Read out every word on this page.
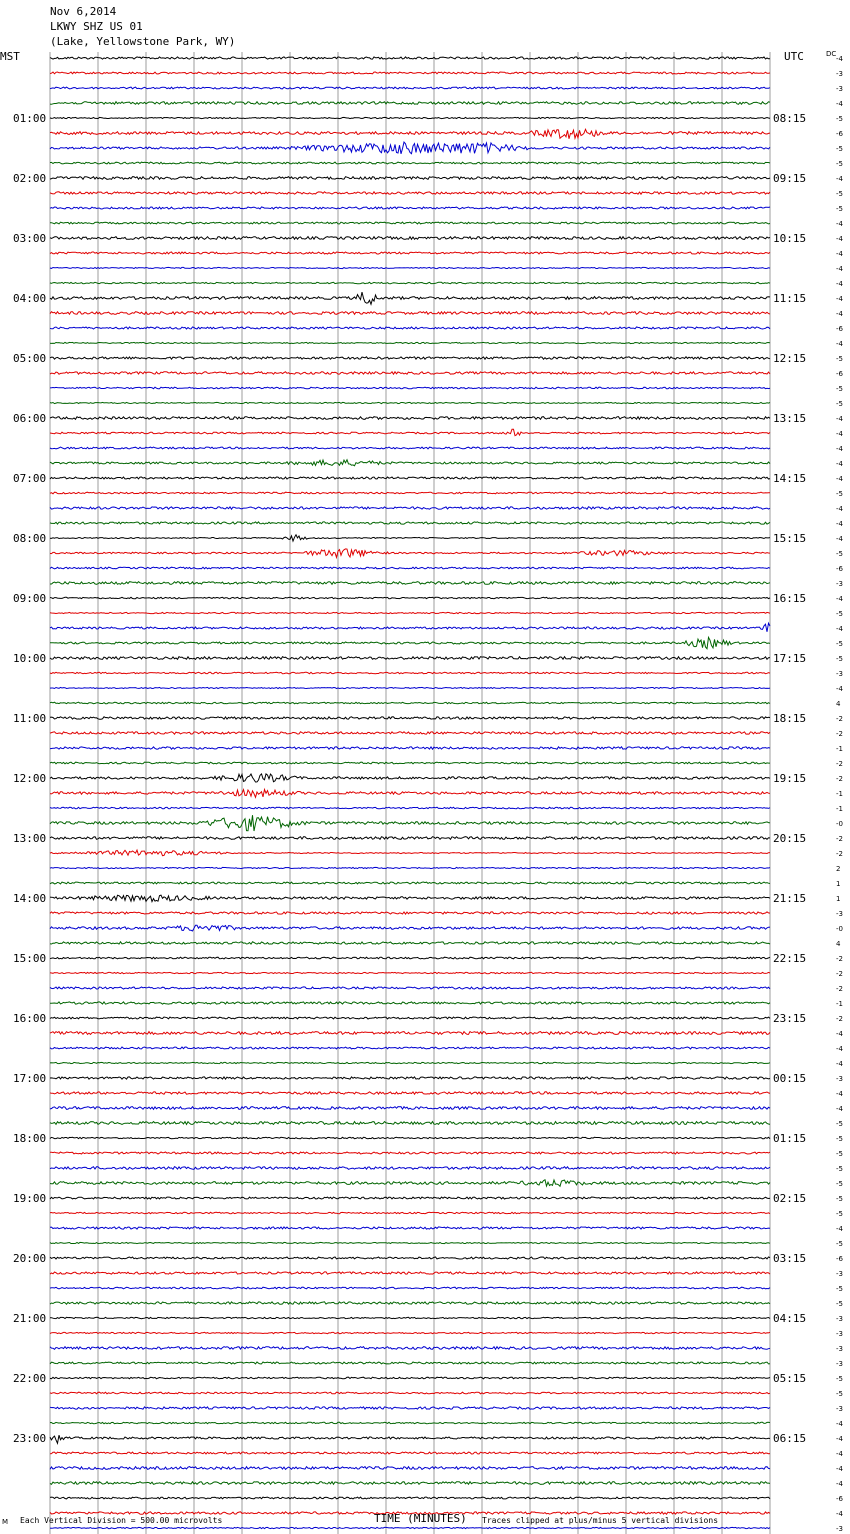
Nov 6,2014
LKWY SHZ US 01
(Lake, Yellowstone Park, WY)
-4
-3
-3
-4
-5
-6
-5
-5
-4
-5
-5
-4
-4
-4
-4
-4
-4
-4
-6
-4
-5
-6
-5
-5
-4
-4
-4
-4
-4
-5
-4
-4
-4
-5
-6
-3
-4
-5
-4
-5
-5
-3
-4
4
-2
-2
-1
-2
-2
-1
-1
-0
-2
-2
2
1
1
-3
-0
4
-2
-2
-2
-1
-2
-4
-4
-4
-3
-4
-4
-5
-5
-5
-5
-5
-5
-5
-4
-5
-6
-3
-5
-5
-3
-3
-3
-3
-5
-5
-3
-4
-4
-4
-4
-4
-6
-4
-3
01:00	08:15
02:00	09:15
03:00	10:15
04:00	11:15
05:00	12:15
06:00	13:15
07:00	14:15
08:00	15:15
09:00	16:15
10:00	17:15
11:00	18:15
12:00	19:15
13:00	20:15
14:00	21:15
15:00	22:15
16:00	23:15
17:00	00:15
18:00	01:15
19:00	02:15
20:00	03:15
21:00	04:15
22:00	05:15
23:00	06:15
MST	UTC	DC
M Each Vertical Division = 500.00 microvolts	TIME (MINUTES) Traces clipped at plus/minus 5 vertical divisions
